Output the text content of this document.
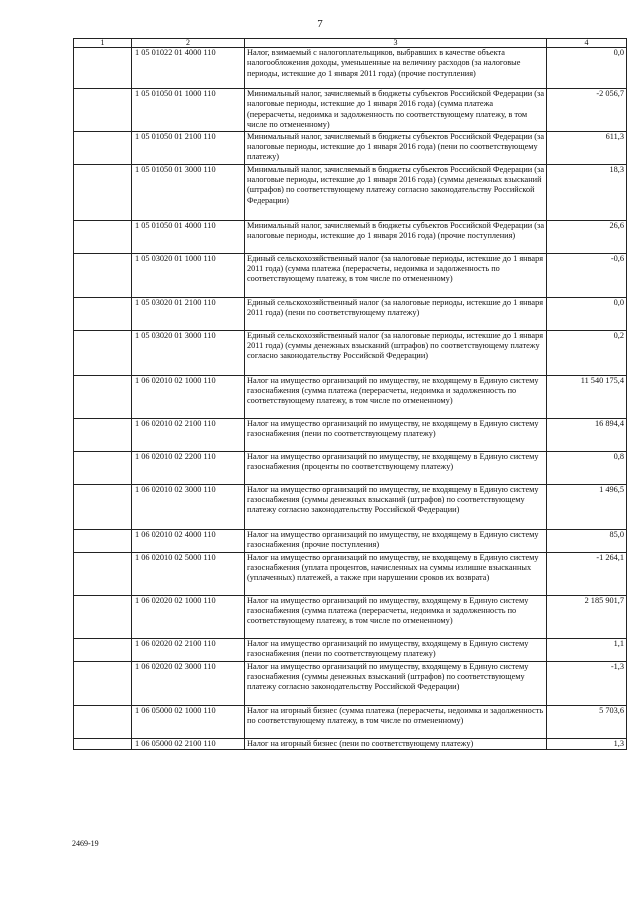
7
1	2	3	4
	1 05 01022 01 4000 110	Налог, взимаемый с налогоплательщиков, выбравших в качестве объекта налогообложения доходы, уменьшенные на величину расходов (за налоговые периоды, истекшие до 1 января 2011 года) (прочие поступления)	0,0
	1 05 01050 01 1000 110	Минимальный налог, зачисляемый в бюджеты субъектов Российской Федерации (за налоговые периоды, истекшие до 1 января 2016 года) (сумма платежа (перерасчеты, недоимка и задолженность по соответствующему платежу, в том числе по отмененному)	-2 056,7
	1 05 01050 01 2100 110	Минимальный налог, зачисляемый в бюджеты субъектов Российской Федерации (за налоговые периоды, истекшие до 1 января 2016 года) (пени по соответствующему платежу)	611,3
	1 05 01050 01 3000 110	Минимальный налог, зачисляемый в бюджеты субъектов Российской Федерации (за налоговые периоды, истекшие до 1 января 2016 года) (суммы денежных взысканий (штрафов) по соответствующему платежу согласно законодательству Российской Федерации)	18,3
	1 05 01050 01 4000 110	Минимальный налог, зачисляемый в бюджеты субъектов Российской Федерации (за налоговые периоды, истекшие до 1 января 2016 года) (прочие поступления)	26,6
	1 05 03020 01 1000 110	Единый сельскохозяйственный налог (за налоговые периоды, истекшие до 1 января 2011 года) (сумма платежа (перерасчеты, недоимка и задолженность по соответствующему платежу, в том числе по отмененному)	-0,6
	1 05 03020 01 2100 110	Единый сельскохозяйственный налог (за налоговые периоды, истекшие до 1 января 2011 года) (пени по соответствующему платежу)	0,0
	1 05 03020 01 3000 110	Единый сельскохозяйственный налог (за налоговые периоды, истекшие до 1 января 2011 года) (суммы денежных взысканий (штрафов) по соответствующему платежу согласно законодательству Российской Федерации)	0,2
	1 06 02010 02 1000 110	Налог на имущество организаций по имуществу, не входящему в Единую систему газоснабжения (сумма платежа (перерасчеты, недоимка и задолженность по соответствующему платежу, в том числе по отмененному)	11 540 175,4
	1 06 02010 02 2100 110	Налог на имущество организаций по имуществу, не входящему в Единую систему газоснабжения (пени по соответствующему платежу)	16 894,4
	1 06 02010 02 2200 110	Налог на имущество организаций по имуществу, не входящему в Единую систему газоснабжения (проценты по соответствующему платежу)	0,8
	1 06 02010 02 3000 110	Налог на имущество организаций по имуществу, не входящему в Единую систему газоснабжения (суммы денежных взысканий (штрафов) по соответствующему платежу согласно законодательству Российской Федерации)	1 496,5
	1 06 02010 02 4000 110	Налог на имущество организаций по имуществу, не входящему в Единую систему газоснабжения (прочие поступления)	85,0
	1 06 02010 02 5000 110	Налог на имущество организаций по имуществу, не входящему в Единую систему газоснабжения (уплата процентов, начисленных на суммы излишне взысканных (уплаченных) платежей, а также при нарушении сроков их возврата)	-1 264,1
	1 06 02020 02 1000 110	Налог на имущество организаций по имуществу, входящему в Единую систему газоснабжения (сумма платежа (перерасчеты, недоимка и задолженность по соответствующему платежу, в том числе по отмененному)	2 185 901,7
	1 06 02020 02 2100 110	Налог на имущество организаций по имуществу, входящему в Единую систему газоснабжения (пени по соответствующему платежу)	1,1
	1 06 02020 02 3000 110	Налог на имущество организаций по имуществу, входящему в Единую систему газоснабжения (суммы денежных взысканий (штрафов) по соответствующему платежу согласно законодательству Российской Федерации)	-1,3
	1 06 05000 02 1000 110	Налог на игорный бизнес (сумма платежа (перерасчеты, недоимка и задолженность по соответствующему платежу, в том числе по отмененному)	5 703,6
	1 06 05000 02 2100 110	Налог на игорный бизнес (пени по соответствующему платежу)	1,3
2469-19
